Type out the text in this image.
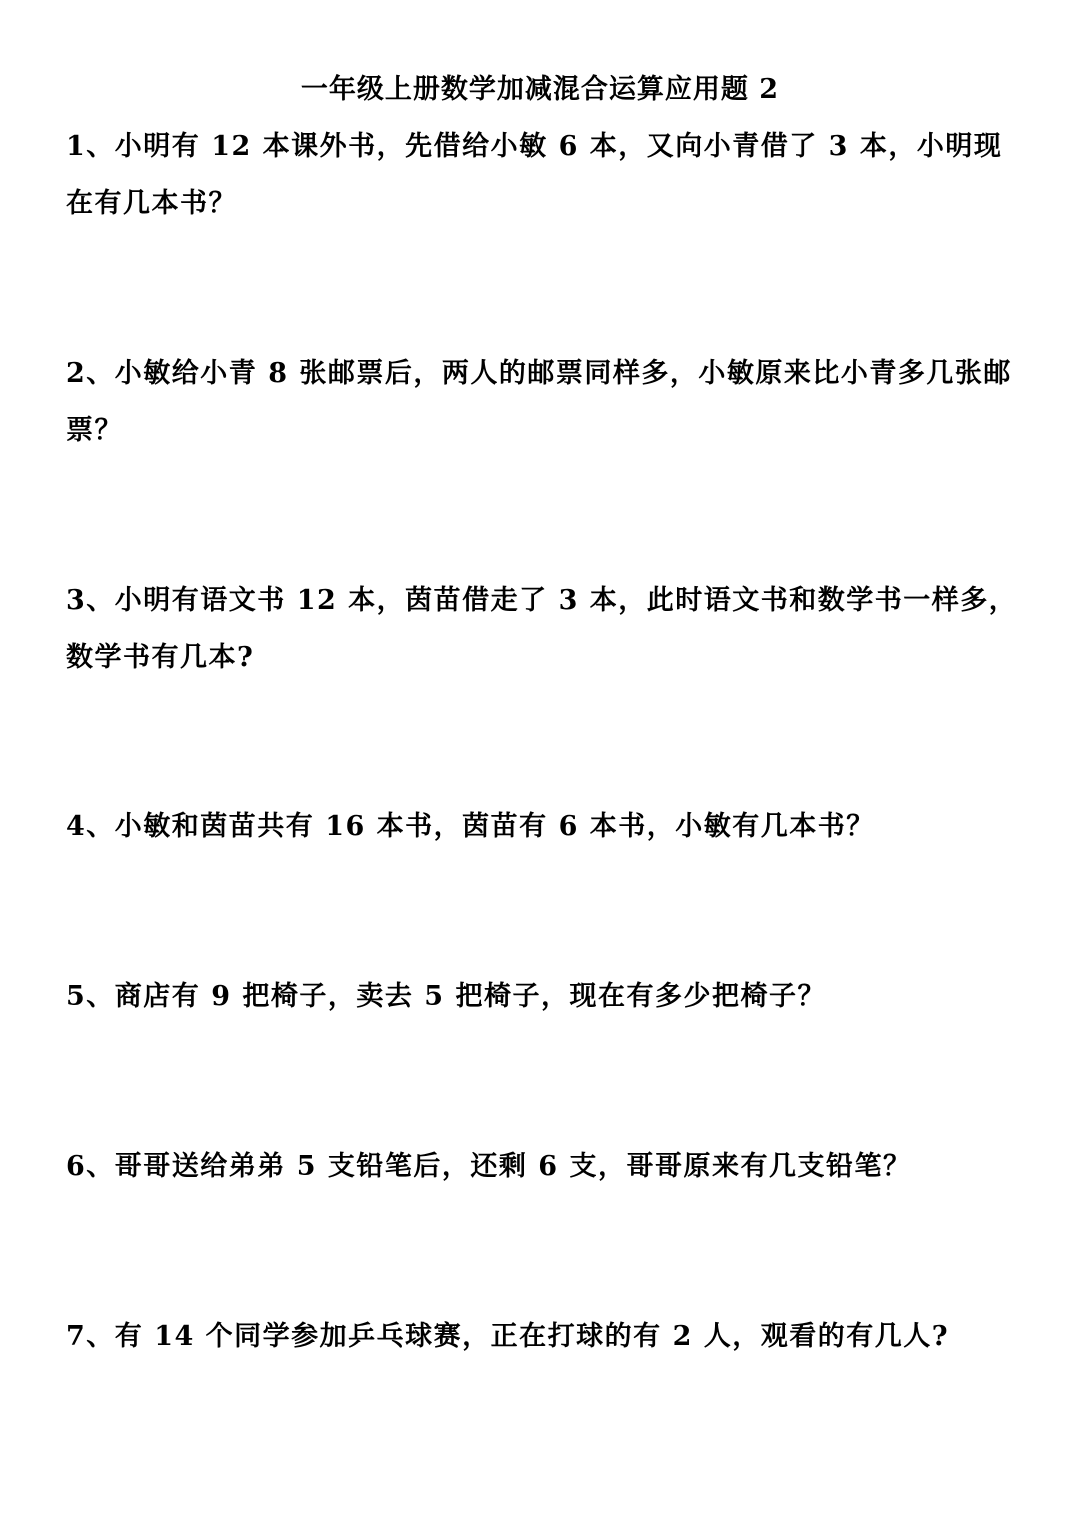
一年级上册数学加减混合运算应用题 2
1、小明有 12 本课外书，先借给小敏 6 本，又向小青借了 3 本，小明现在有几本书？
2、小敏给小青 8 张邮票后，两人的邮票同样多，小敏原来比小青多几张邮票？
3、小明有语文书 12 本，茵苗借走了 3 本，此时语文书和数学书一样多，数学书有几本?
4、小敏和茵苗共有 16 本书，茵苗有 6 本书，小敏有几本书？
5、商店有 9 把椅子，卖去 5 把椅子，现在有多少把椅子？
6、哥哥送给弟弟 5 支铅笔后，还剩 6 支，哥哥原来有几支铅笔？
7、有 14 个同学参加乒乓球赛，正在打球的有 2 人，观看的有几人?
